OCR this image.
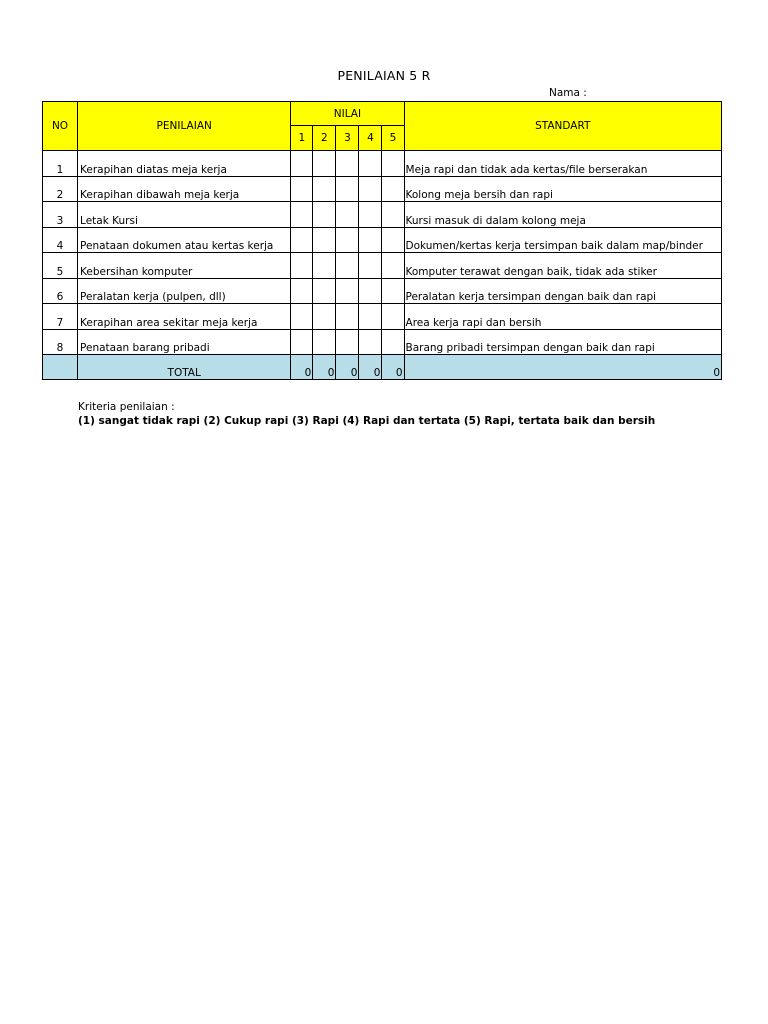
PENILAIAN 5 R
Nama :
NO	PENILAIAN	NILAI					STANDART
		1	2	3	4	5	
1	Kerapihan diatas meja kerja						Meja rapi dan tidak ada kertas/file berserakan
2	Kerapihan dibawah meja kerja						Kolong meja bersih dan rapi
3	Letak Kursi						Kursi masuk di dalam kolong meja
4	Penataan dokumen atau kertas kerja						Dokumen/kertas kerja tersimpan baik dalam map/binder
5	Kebersihan komputer						Komputer terawat dengan baik, tidak ada stiker
6	Peralatan kerja (pulpen, dll)						Peralatan kerja tersimpan dengan baik dan rapi
7	Kerapihan area sekitar meja kerja						Area kerja rapi dan bersih
8	Penataan barang pribadi						Barang pribadi tersimpan dengan baik dan rapi
	TOTAL	0	0	0	0	0	0
Kriteria penilaian :
(1) sangat tidak rapi (2) Cukup rapi (3) Rapi (4) Rapi dan tertata (5) Rapi, tertata baik dan bersih
